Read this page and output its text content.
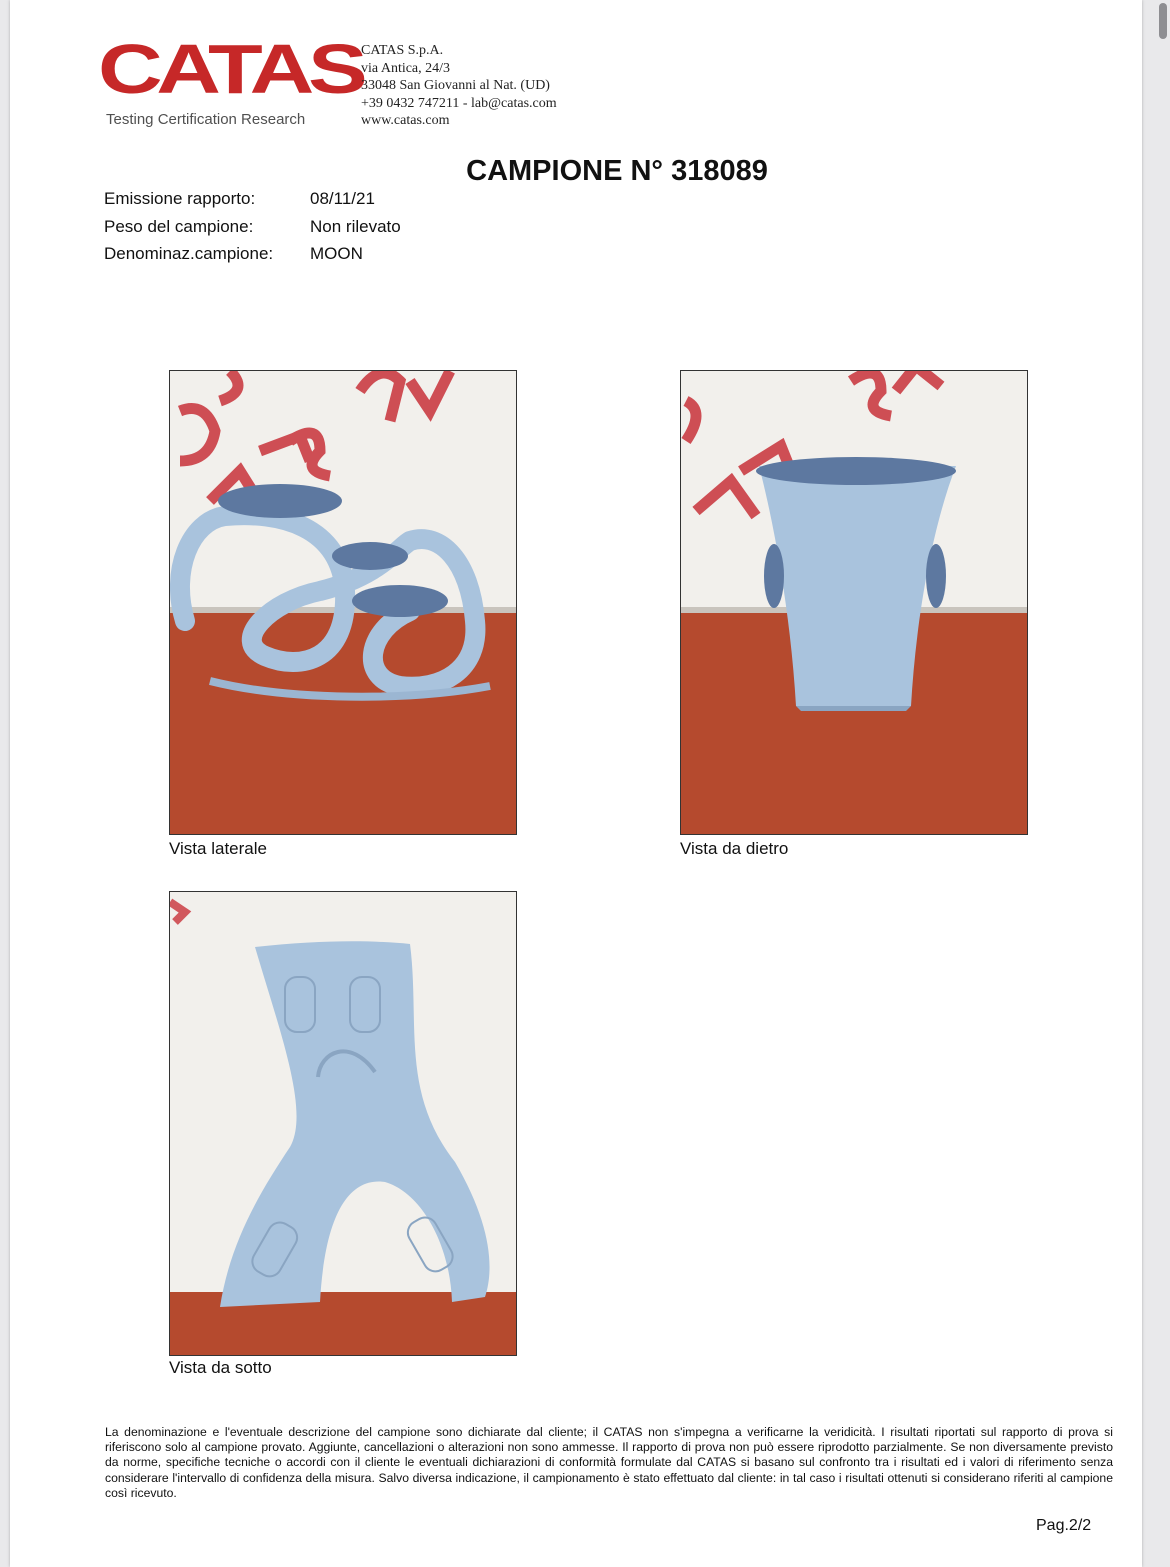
CATAS
Testing Certification Research
CATAS S.p.A.
via Antica, 24/3
33048 San Giovanni al Nat. (UD)
+39 0432 747211 - lab@catas.com
www.catas.com
CAMPIONE N° 318089
Emissione rapporto:	08/11/21
Peso del campione:	Non rilevato
Denominaz.campione:	MOON
Vista laterale	Vista da dietro
Vista da sotto
La denominazione e l'eventuale descrizione del campione sono dichiarate dal cliente; il CATAS non s'impegna a verificarne la veridicità. I risultati riportati sul rapporto di prova si riferiscono solo al campione provato. Aggiunte, cancellazioni o alterazioni non sono ammesse. Il rapporto di prova non può essere riprodotto parzialmente. Se non diversamente previsto da norme, specifiche tecniche o accordi con il cliente le eventuali dichiarazioni di conformità formulate dal CATAS si basano sul confronto tra i risultati ed i valori di riferimento senza considerare l'intervallo di confidenza della misura. Salvo diversa indicazione, il campionamento è stato effettuato dal cliente: in tal caso i risultati ottenuti si considerano riferiti al campione così ricevuto.
Pag.2/2
